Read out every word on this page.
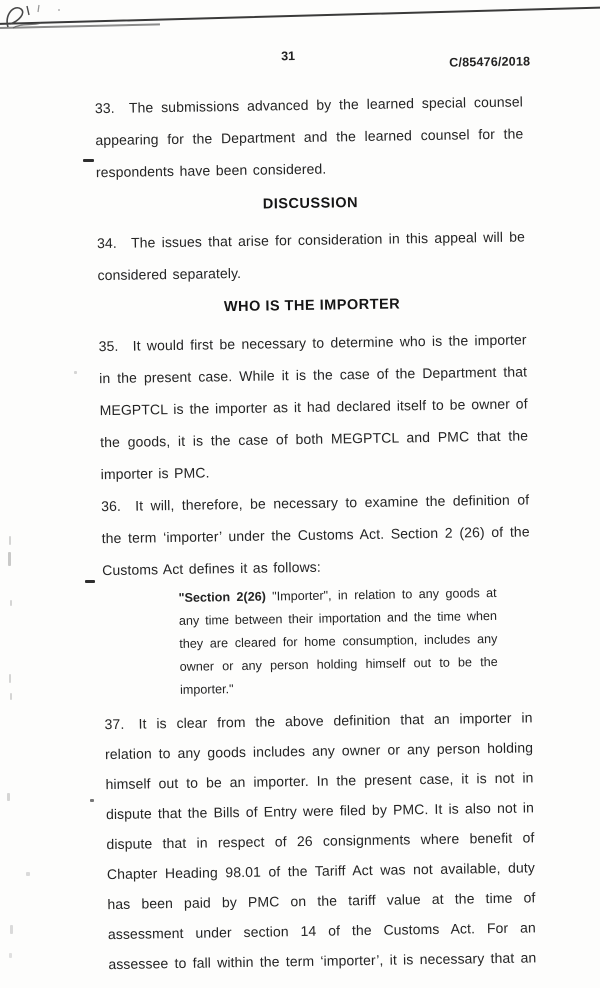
31	C/85476/2018

33. The submissions advanced by the learned special counsel appearing for the Department and the learned counsel for the respondents have been considered.

DISCUSSION

34. The issues that arise for consideration in this appeal will be considered separately.

WHO IS THE IMPORTER

35. It would first be necessary to determine who is the importer in the present case. While it is the case of the Department that MEGPTCL is the importer as it had declared itself to be owner of the goods, it is the case of both MEGPTCL and PMC that the importer is PMC.

36. It will, therefore, be necessary to examine the definition of the term ‘importer’ under the Customs Act. Section 2 (26) of the Customs Act defines it as follows:

"Section 2(26) "Importer", in relation to any goods at any time between their importation and the time when they are cleared for home consumption, includes any owner or any person holding himself out to be the importer."

37. It is clear from the above definition that an importer in relation to any goods includes any owner or any person holding himself out to be an importer. In the present case, it is not in dispute that the Bills of Entry were filed by PMC. It is also not in dispute that in respect of 26 consignments where benefit of Chapter Heading 98.01 of the Tariff Act was not available, duty has been paid by PMC on the tariff value at the time of assessment under section 14 of the Customs Act. For an assessee to fall within the term ‘importer’, it is necessary that an
